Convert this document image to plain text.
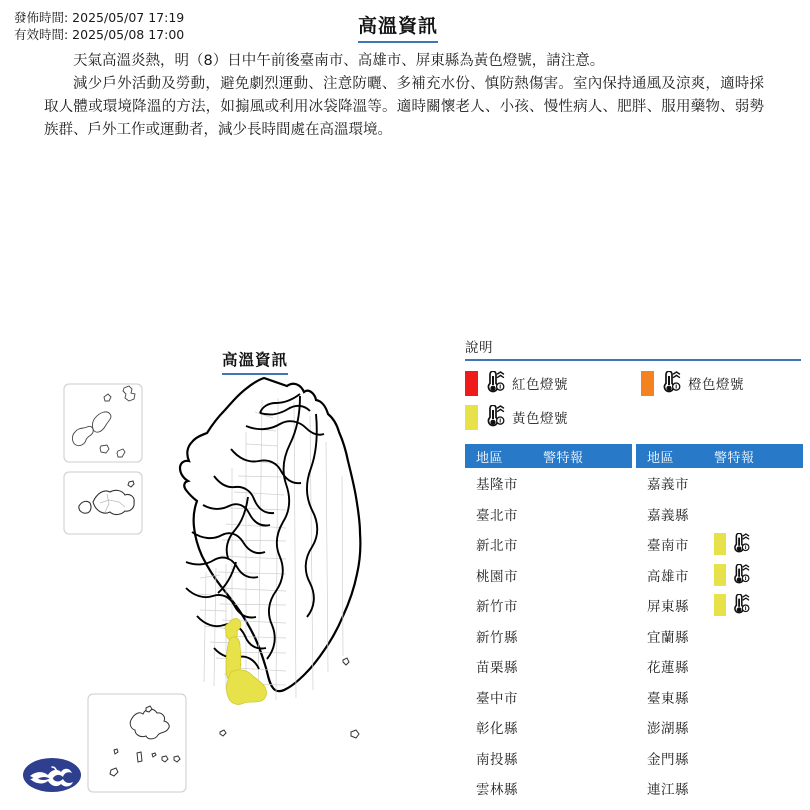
發佈時間: 2025/05/07 17:19
有效時間: 2025/05/08 17:00	高溫資訊

天氣高溫炎熱，明（8）日中午前後臺南市、高雄市、屏東縣為黃色燈號，請注意。

減少戶外活動及勞動，避免劇烈運動、注意防曬、多補充水份、慎防熱傷害。室內保持通風及涼爽，適時採取人體或環境降溫的方法，如搧風或利用冰袋降溫等。適時關懷老人、小孩、慢性病人、肥胖、服用藥物、弱勢族群、戶外工作或運動者，減少長時間處在高溫環境。

高溫資訊
說明
紅色燈號	橙色燈號
黃色燈號
地區	警特報
基隆市
臺北市
新北市
桃園市
新竹市
新竹縣
苗栗縣
臺中市
彰化縣
南投縣
雲林縣
地區	警特報
嘉義市
嘉義縣
臺南市
高雄市
屏東縣
宜蘭縣
花蓮縣
臺東縣
澎湖縣
金門縣
連江縣
